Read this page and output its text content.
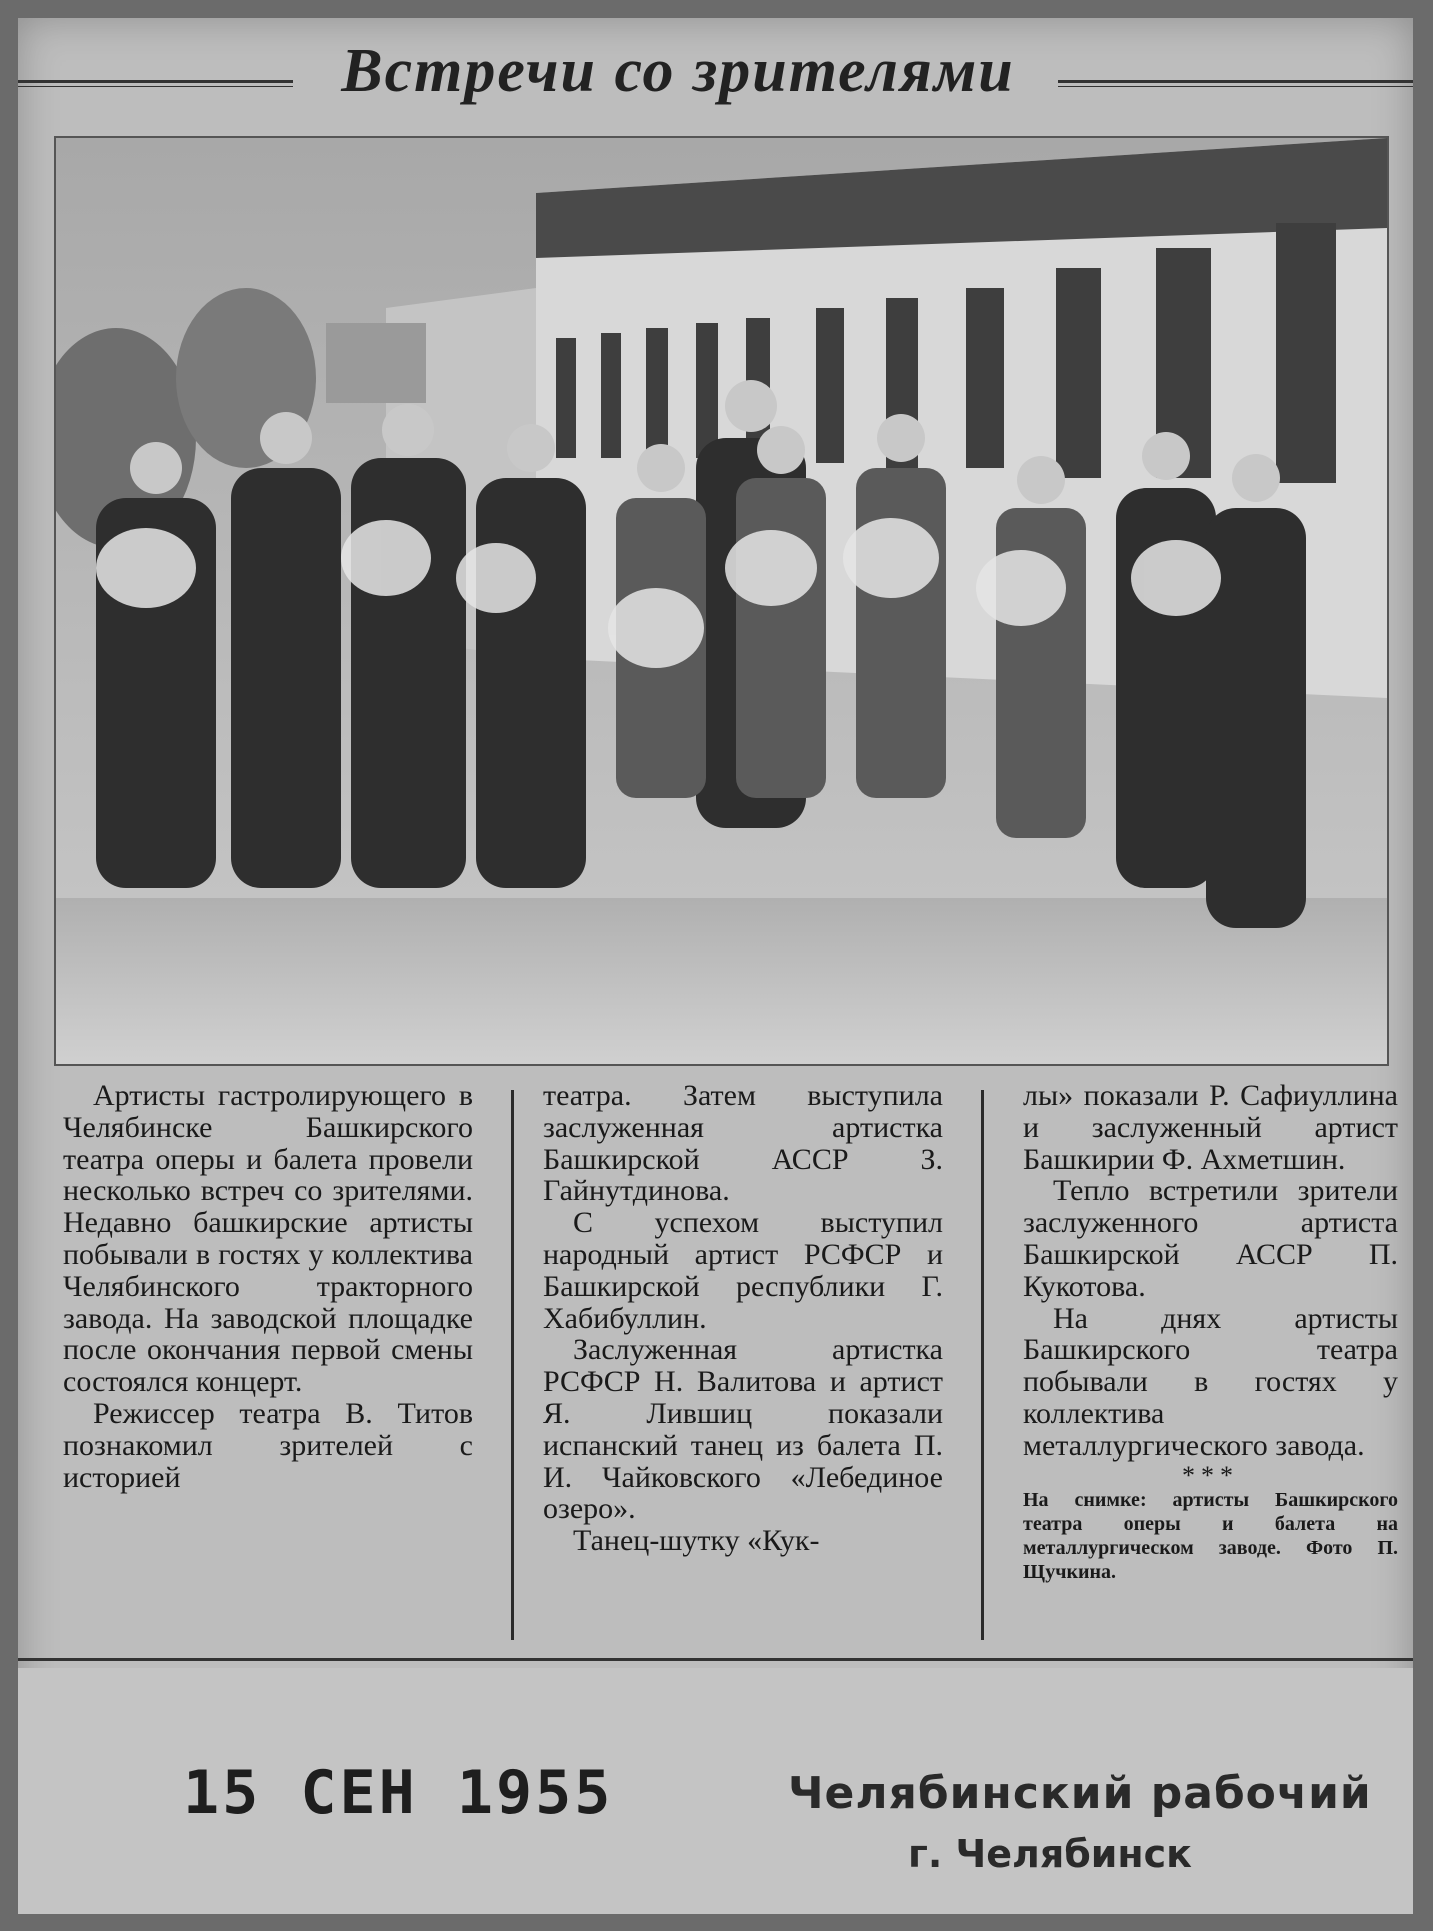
Встречи со зрителями

Артисты гастролирующего в Челябинске Башкирского театра оперы и балета провели несколько встреч со зрителями. Недавно башкирские артисты побывали в гостях у коллектива Челябинского тракторного завода. На заводской площадке после окончания первой смены состоялся концерт.

Режиссер театра В. Титов познакомил зрителей с историей

театра. Затем выступила заслуженная артистка Башкирской АССР З. Гайнутдинова.

С успехом выступил народный артист РСФСР и Башкирской республики Г. Хабибуллин.

Заслуженная артистка РСФСР Н. Валитова и артист Я. Лившиц показали испанский танец из балета П. И. Чайковского «Лебединое озеро».

Танец-шутку «Кук-

лы» показали Р. Сафиуллина и заслуженный артист Башкирии Ф. Ахметшин.

Тепло встретили зрители заслуженного артиста Башкирской АССР П. Кукотова.

На днях артисты Башкирского театра побывали в гостях у коллектива металлургического завода.

***
На снимке: артисты Башкирского театра оперы и балета на металлургическом заводе. Фото П. Щучкина.
15 СЕН 1955	Челябинский рабочий
г. Челябинск
